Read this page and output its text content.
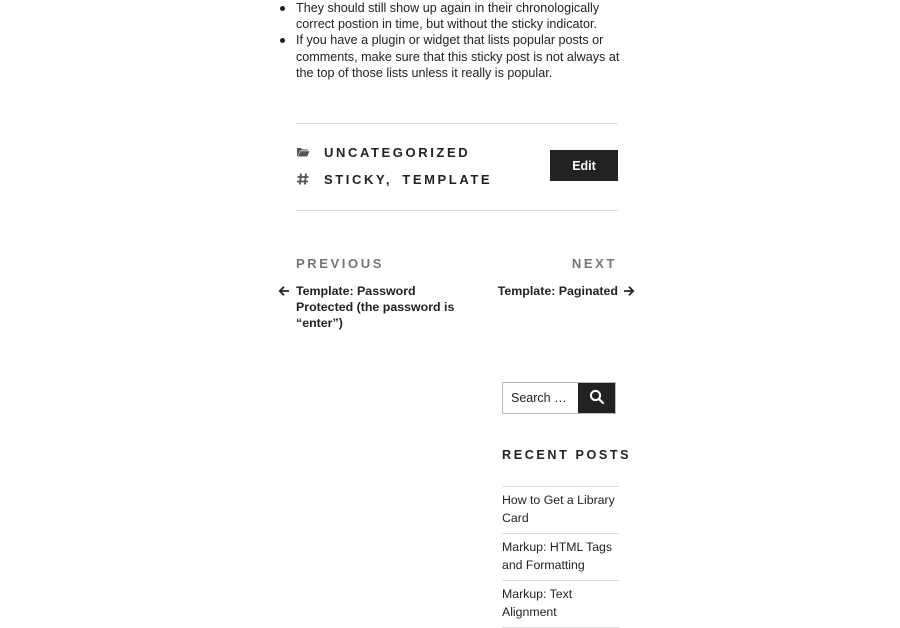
They should still show up again in their chronologically correct postion in time, but without the sticky indicator.
If you have a plugin or widget that lists popular posts or comments, make sure that this sticky post is not always at the top of those lists unless it really is popular.
UNCATEGORIZED
STICKY, TEMPLATE
Edit
PREVIOUS
Template: Password Protected (the password is “enter”)
NEXT
Template: Paginated
Search …
RECENT POSTS
How to Get a Library Card
Markup: HTML Tags and Formatting
Markup: Text Alignment
